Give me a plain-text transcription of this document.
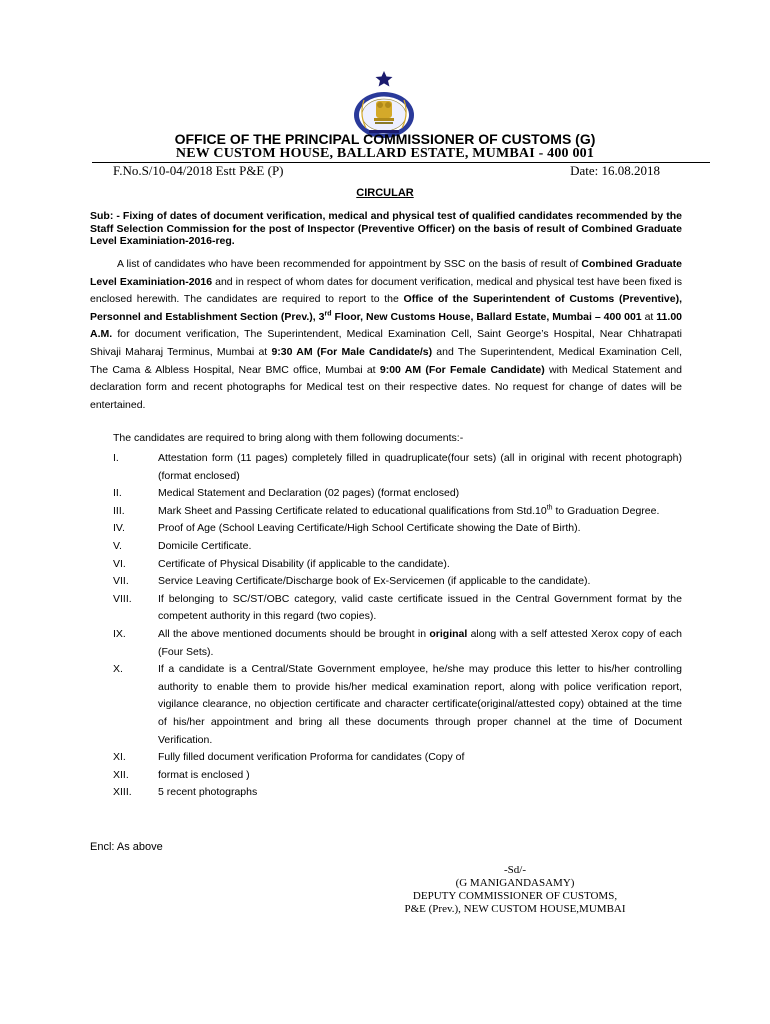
OFFICE OF THE PRINCIPAL COMMISSIONER OF CUSTOMS (G)
NEW CUSTOM HOUSE, BALLARD ESTATE, MUMBAI - 400 001
F.No.S/10-04/2018 Estt P&E (P)	Date: 16.08.2018
CIRCULAR
Sub: - Fixing of dates of document verification, medical and physical test of qualified candidates recommended by the Staff Selection Commission for the post of Inspector (Preventive Officer) on the basis of result of Combined Graduate Level Examiniation-2016-reg.

A list of candidates who have been recommended for appointment by SSC on the basis of result of Combined Graduate Level Examiniation-2016 and in respect of whom dates for document verification, medical and physical test have been fixed is enclosed herewith. The candidates are required to report to the Office of the Superintendent of Customs (Preventive), Personnel and Establishment Section (Prev.), 3rd Floor, New Customs House, Ballard Estate, Mumbai – 400 001 at 11.00 A.M. for document verification, The Superintendent, Medical Examination Cell, Saint George’s Hospital, Near Chhatrapati Shivaji Maharaj Terminus, Mumbai at 9:30 AM (For Male Candidate/s) and The Superintendent, Medical Examination Cell, The Cama & Albless Hospital, Near BMC office, Mumbai at 9:00 AM (For Female Candidate) with Medical Statement and declaration form and recent photographs for Medical test on their respective dates. No request for change of dates will be entertained.

The candidates are required to bring along with them following documents:-
I.	Attestation form (11 pages) completely filled in quadruplicate(four sets) (all in original with recent photograph) (format enclosed)
II.	Medical Statement and Declaration (02 pages) (format enclosed)
III.	Mark Sheet and Passing Certificate related to educational qualifications from Std.10th to Graduation Degree.
IV.	Proof of Age (School Leaving Certificate/High School Certificate showing the Date of Birth).
V.	Domicile Certificate.
VI.	Certificate of Physical Disability (if applicable to the candidate).
VII.	Service Leaving Certificate/Discharge book of Ex-Servicemen (if applicable to the candidate).
VIII.	If belonging to SC/ST/OBC category, valid caste certificate issued in the Central Government format by the competent authority in this regard (two copies).
IX.	All the above mentioned documents should be brought in original along with a self attested Xerox copy of each (Four Sets).
X.	If a candidate is a Central/State Government employee, he/she may produce this letter to his/her controlling authority to enable them to provide his/her medical examination report, along with police verification report, vigilance clearance, no objection certificate and character certificate(original/attested copy) obtained at the time of his/her appointment and bring all these documents through proper channel at the time of Document Verification.
XI.	Fully filled document verification Proforma for candidates (Copy of
XII.	format is enclosed )
XIII.	5 recent photographs
Encl: As above
-Sd/-
(G MANIGANDASAMY)
DEPUTY COMMISSIONER OF CUSTOMS,
P&E (Prev.), NEW CUSTOM HOUSE,MUMBAI
